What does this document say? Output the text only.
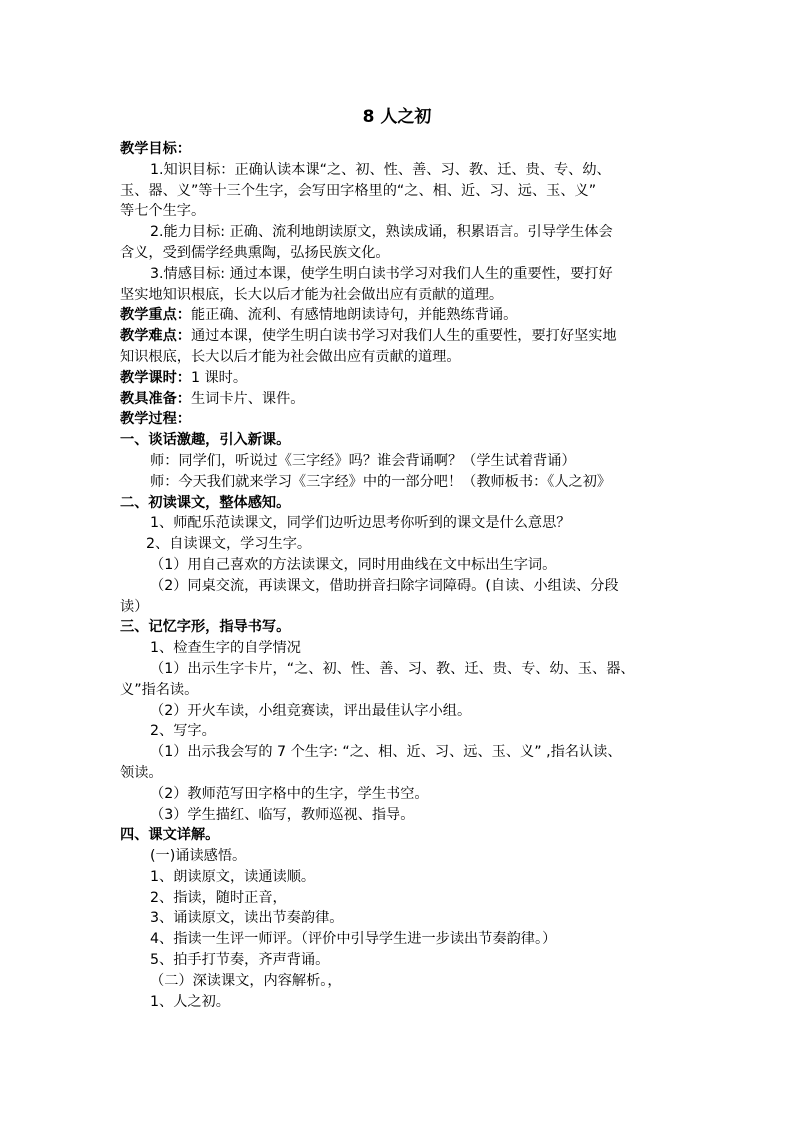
8 人之初
教学目标：
1.知识目标：正确认读本课“之、初、性、善、习、教、迁、贵、专、幼、
玉、器、义”等十三个生字，会写田字格里的“之、相、近、习、远、玉、义”
等七个生字。
2.能力目标: 正确、流利地朗读原文，熟读成诵，积累语言。引导学生体会
含义，受到儒学经典熏陶，弘扬民族文化。
3.情感目标: 通过本课，使学生明白读书学习对我们人生的重要性，要打好
坚实地知识根底，长大以后才能为社会做出应有贡献的道理。
教学重点：能正确、流利、有感情地朗读诗句，并能熟练背诵。
教学难点：通过本课，使学生明白读书学习对我们人生的重要性，要打好坚实地
知识根底，长大以后才能为社会做出应有贡献的道理。
教学课时：1 课时。
教具准备：生词卡片、课件。
教学过程：
一、谈话激趣，引入新课。
师：同学们，听说过《三字经》吗？谁会背诵啊？（学生试着背诵）
师：今天我们就来学习《三字经》中的一部分吧！（教师板书：《人之初》
二、初读课文，整体感知。
1、师配乐范读课文，同学们边听边思考你听到的课文是什么意思？
2、自读课文，学习生字。
（1）用自己喜欢的方法读课文，同时用曲线在文中标出生字词。
（2）同桌交流，再读课文，借助拼音扫除字词障碍。(自读、小组读、分段
读）
三、记忆字形，指导书写。
1、检查生字的自学情况
（1）出示生字卡片，“之、初、性、善、习、教、迁、贵、专、幼、玉、器、
义”指名读。
（2）开火车读，小组竞赛读，评出最佳认字小组。
2、写字。
（1）出示我会写的 7 个生字: “之、相、近、习、远、玉、义” ,指名认读、
领读。
（2）教师范写田字格中的生字，学生书空。
（3）学生描红、临写，教师巡视、指导。
四、课文详解。
(一)诵读感悟。
1、朗读原文，读通读顺。
2、指读，随时正音，
3、诵读原文，读出节奏韵律。
4、指读一生评一师评。（评价中引导学生进一步读出节奏韵律。）
5、拍手打节奏，齐声背诵。
（二）深读课文，内容解析。，
1、人之初。
